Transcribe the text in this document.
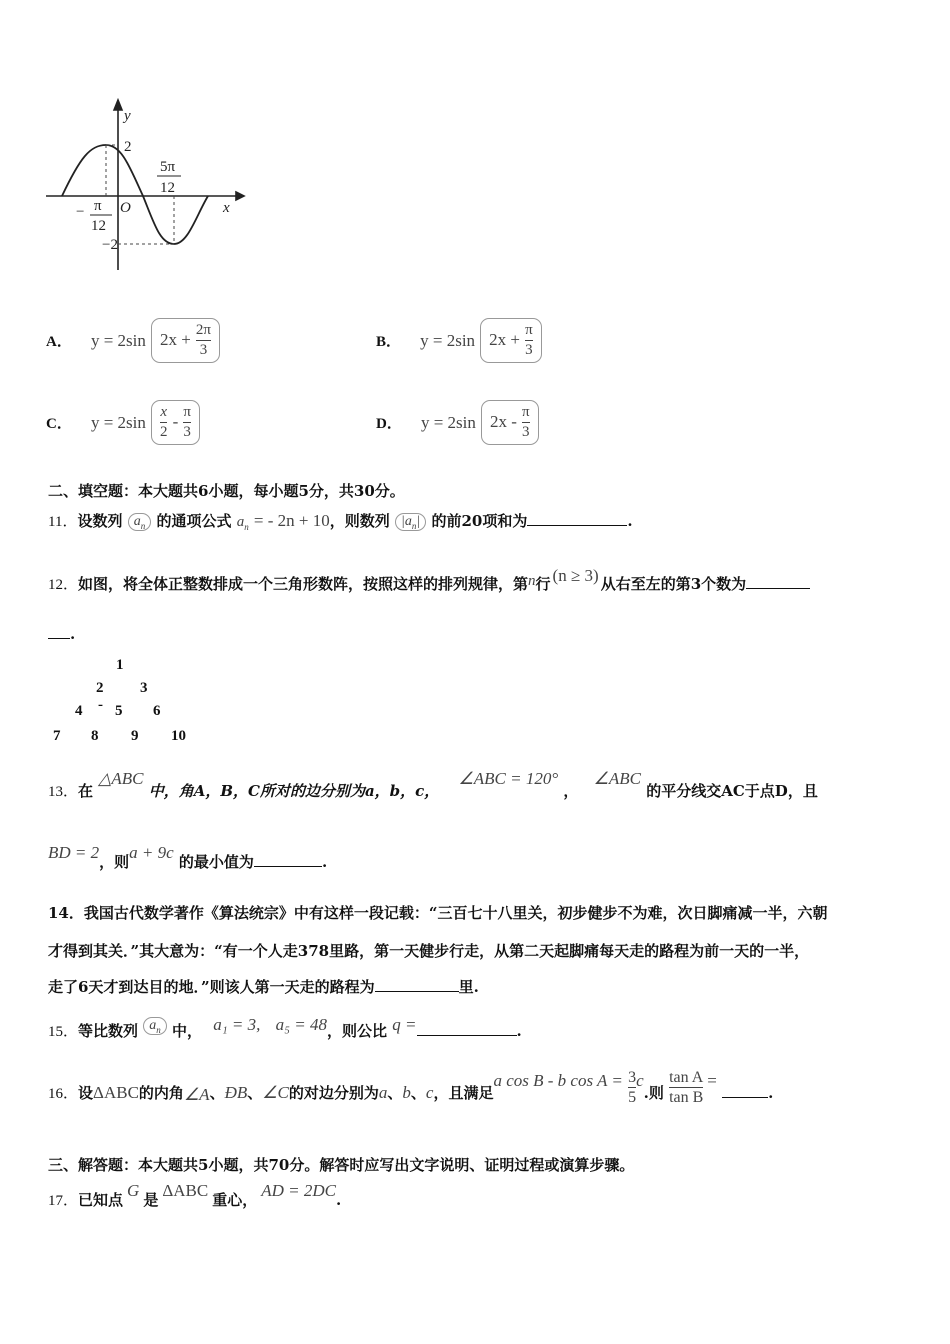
y
x
O
2
−2
− π
12
5π
12
A． y = 2sin $2x + \frac{2\pi}{3}$	B． y = 2sin $2x + \frac{\pi}{3}$
C． $y = 2\sin \frac{x}{2} - \frac{\pi}{3}$	D． y = 2sin $2x - \frac{\pi}{3}$
二、填空题：本大题共6小题，每小题5分，共30分。
11．设数列 $a_n$ 的通项公式 $a_n$ = - 2n + 10，则数列 $|a_n|$ 的前20项和为	.
12．如图，将全体正整数排成一个三角形数阵，按照这样的排列规律，第n行 (n ≥ 3) 从右至左的第3个数为
.
1
2 3
4 - 5 6
7 8 9 10
13．在 △ABC 中，角A，B，C所对的边分别为a，b，c， ∠ABC = 120° ， ∠ABC 的平分线交AC于点D，且
BD = 2，则a + 9c 的最小值为	.
14．我国古代数学著作《算法统宗》中有这样一段记载：“三百七十八里关，初步健步不为难，次日脚痛减一半，六朝
才得到其关．”其大意为：“有一个人走378里路，第一天健步行走，从第二天起脚痛每天走的路程为前一天的一半，
走了6天才到达目的地．”则该人第一天走的路程为	里.
15．等比数列 $a_n$ 中， a₁ = 3, a₅ = 48，则公比 q =	.
16．设ΔABC的内角∠A、ÐB、∠C的对边分别为a、b、c，且满足a cos B - b $\cos A = \frac{3}{5} c$.则 $\frac{\text{tan A}}{\text{tan B}}$ = .
三、解答题：本大题共5小题，共70分。解答时应写出文字说明、证明过程或演算步骤。
17．已知点 G 是 ΔABC 重心， AD = 2DC.
